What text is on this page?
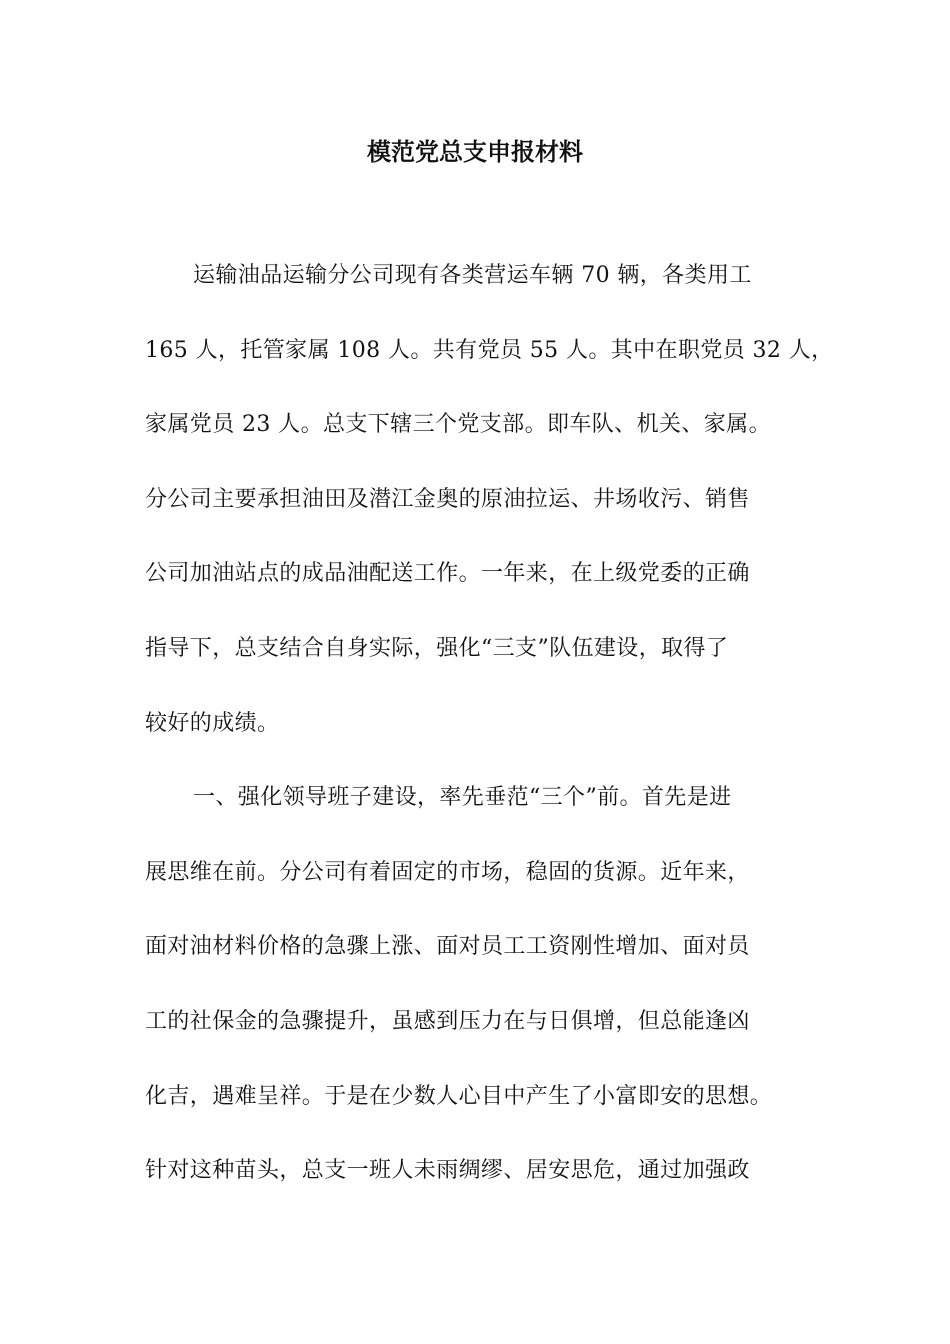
模范党总支申报材料
运输油品运输分公司现有各类营运车辆 70 辆，各类用工
165 人，托管家属 108 人。共有党员 55 人。其中在职党员 32 人，
家属党员 23 人。总支下辖三个党支部。即车队、机关、家属。
分公司主要承担油田及潜江金奥的原油拉运、井场收污、销售
公司加油站点的成品油配送工作。一年来，在上级党委的正确
指导下，总支结合自身实际，强化“三支”队伍建设，取得了
较好的成绩。
一、强化领导班子建设，率先垂范“三个”前。首先是进
展思维在前。分公司有着固定的市场，稳固的货源。近年来，
面对油材料价格的急骤上涨、面对员工工资刚性增加、面对员
工的社保金的急骤提升，虽感到压力在与日俱增，但总能逢凶
化吉，遇难呈祥。于是在少数人心目中产生了小富即安的思想。
针对这种苗头，总支一班人未雨绸缪、居安思危，通过加强政
